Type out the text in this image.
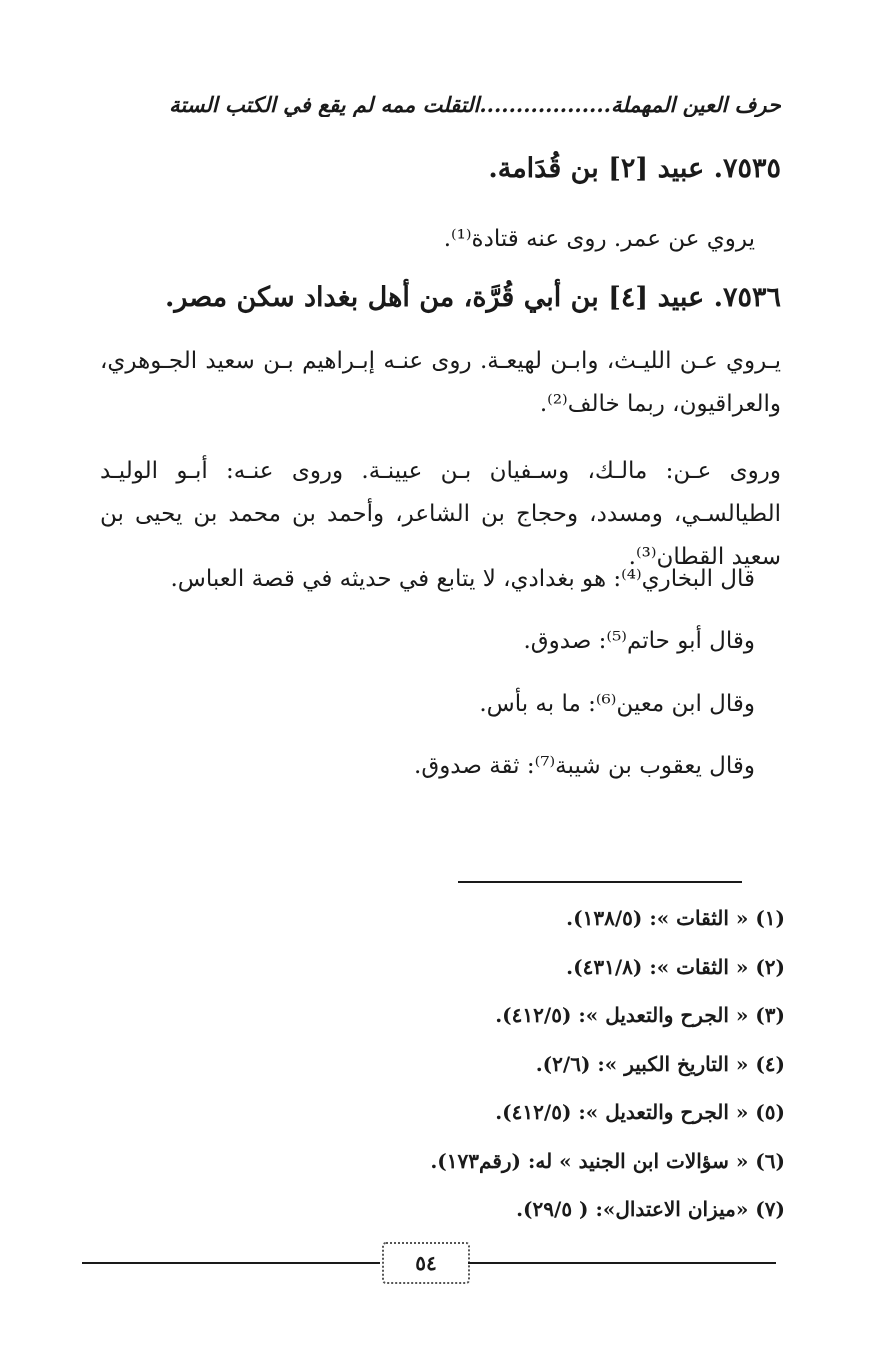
حرف العين المهملة..................التقلت ممه لم يقع في الكتب الستة
٧٥٣٥. عبيد [٢] بن قُدَامة.
يروي عن عمر. روى عنه قتادة⁽¹⁾.
٧٥٣٦. عبيد [٤] بن أبي قُرَّة، من أهل بغداد سكن مصر.
يـروي عـن الليـث، وابـن لهيعـة. روى عنـه إبـراهيم بـن سعيد الجـوهري، والعراقيون، ربما خالف⁽²⁾.
وروى عـن: مالـك، وسـفيان بـن عيينـة. وروى عنـه: أبـو الوليـد الطيالسـي، ومسدد، وحجاج بن الشاعر، وأحمد بن محمد بن يحيى بن سعيد القطان⁽³⁾.
قال البخاري⁽⁴⁾: هو بغدادي، لا يتابع في حديثه في قصة العباس.
وقال أبو حاتم⁽⁵⁾: صدوق.
وقال ابن معين⁽⁶⁾: ما به بأس.
وقال يعقوب بن شيبة⁽⁷⁾: ثقة صدوق.
(١) « الثقات »: (١٣٨/٥).
(٢) « الثقات »: (٤٣١/٨).
(٣) « الجرح والتعديل »: (٤١٢/٥).
(٤) « التاريخ الكبير »: (٢/٦).
(٥) « الجرح والتعديل »: (٤١٢/٥).
(٦) « سؤالات ابن الجنيد » له: (رقم١٧٣).
(٧) «ميزان الاعتدال»: ( ٢٩/٥).
٥٤
